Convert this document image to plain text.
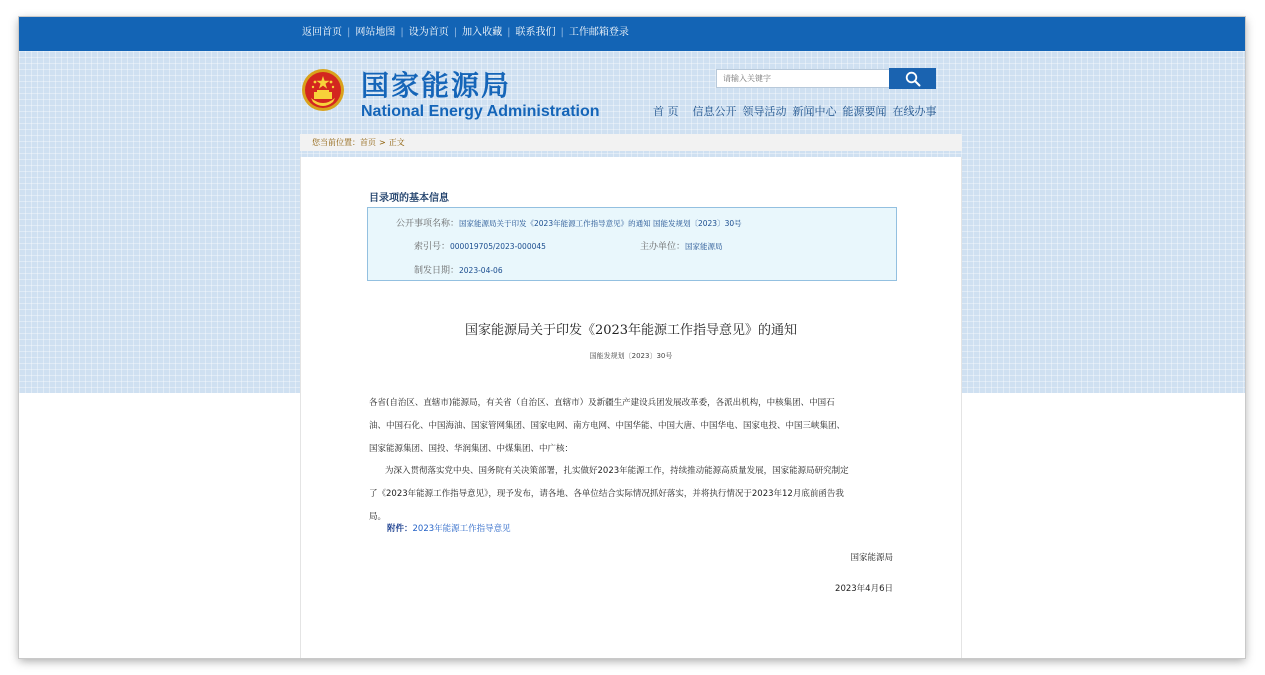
返回首页 | 网站地图 | 设为首页 | 加入收藏 | 联系我们 | 工作邮箱登录
国家能源局
National Energy Administration
请输入关键字	首 页 信息公开 领导活动 新闻中心 能源要闻 在线办事
您当前位置：首页 > 正文
目录项的基本信息
公开事项名称：国家能源局关于印发《2023年能源工作指导意见》的通知 国能发规划〔2023〕30号
索引号：000019705/2023-000045	主办单位：国家能源局
制发日期：2023-04-06
国家能源局关于印发《2023年能源工作指导意见》的通知
国能发规划〔2023〕30号

各省(自治区、直辖市)能源局，有关省（自治区、直辖市）及新疆生产建设兵团发展改革委，各派出机构，中核集团、中国石
油、中国石化、中国海油、国家管网集团、国家电网、南方电网、中国华能、中国大唐、中国华电、国家电投、中国三峡集团、
国家能源集团、国投、华润集团、中煤集团、中广核：

为深入贯彻落实党中央、国务院有关决策部署，扎实做好2023年能源工作，持续推动能源高质量发展，国家能源局研究制定
了《2023年能源工作指导意见》，现予发布，请各地、各单位结合实际情况抓好落实，并将执行情况于2023年12月底前函告我
局。

附件：2023年能源工作指导意见
国家能源局
2023年4月6日
